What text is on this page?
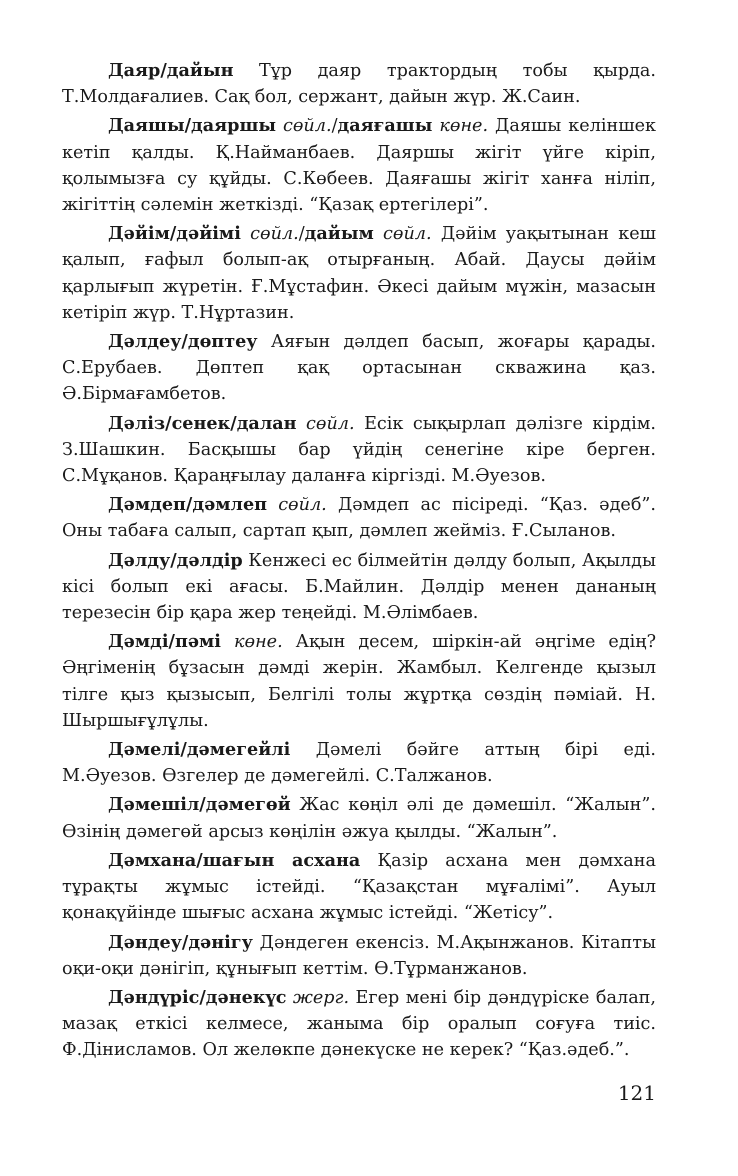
Даяр/дайын Тұр даяр трактордың тобы қырда. Т.Молдағалиев. Сақ бол, сержант, дайын жүр. Ж.Саин.

Даяшы/даяршы сөйл./даяғашы көне. Даяшы келіншек кетіп қалды. Қ.Найманбаев. Даяршы жігіт үйге кіріп, қолымызға су құйды. С.Көбеев. Даяғашы жігіт ханға ніліп, жігіттің сәлемін жеткізді. “Қазақ ертегілері”.

Дәйім/дәйімі сөйл./дайым сөйл. Дәйім уақытынан кеш қалып, ғафыл болып-ақ отырғаның. Абай. Даусы дәйім қарлығып жүретін. Ғ.Мұстафин. Әкесі дайым мүжін, мазасын кетіріп жүр. Т.Нұртазин.

Дәлдеу/дөптеу Аяғын дәлдеп басып, жоғары қарады. С.Ерубаев. Дөптеп қақ ортасынан скважина қаз. Ә.Бірмағамбетов.

Дәліз/сенек/далан сөйл. Есік сықырлап дәлізге кірдім. З.Шашкин. Басқышы бар үйдің сенегіне кіре берген. С.Мұқанов. Қараңғылау даланға кіргізді. М.Әуезов.

Дәмдеп/дәмлеп сөйл. Дәмдеп ас пісіреді. “Қаз. әдеб”. Оны табаға салып, сартап қып, дәмлеп жейміз. Ғ.Сыланов.

Дәлду/дәлдір Кенжесі ес білмейтін дәлду болып, Ақылды кісі болып екі ағасы. Б.Майлин. Дәлдір менен дананың терезесін бір қара жер теңейді. М.Әлімбаев.

Дәмді/пәмі көне. Ақын десем, шіркін-ай әңгіме едің? Әңгіменің бұзасын дәмді жерін. Жамбыл. Келгенде қызыл тілге қыз қызысып, Белгілі толы жұртқа сөздің пәміай. Н. Шыршығұлұлы.

Дәмелі/дәмегейлі Дәмелі бәйге аттың бірі еді. М.Әуезов. Өзгелер де дәмегейлі. С.Талжанов.

Дәмешіл/дәмегөй Жас көңіл әлі де дәмешіл. “Жалын”. Өзінің дәмегөй арсыз көңілін әжуа қылды. “Жалын”.

Дәмхана/шағын асхана Қазір асхана мен дәмхана тұрақты жұмыс істейді. “Қазақстан мұғалімі”. Ауыл қонақүйінде шығыс асхана жұмыс істейді. “Жетісу”.

Дәндеу/дәнігу Дәндеген екенсіз. М.Ақынжанов. Кітапты оқи-оқи дәнігіп, құнығып кеттім. Ө.Тұрманжанов.

Дәндүріс/дәнекүс жерг. Егер мені бір дәндүріске балап, мазақ еткісі келмесе, жаныма бір оралып соғуға тиіс. Ф.Дінисламов. Ол желөкпе дәнекүске не керек? “Қаз.әдеб.”.

121
